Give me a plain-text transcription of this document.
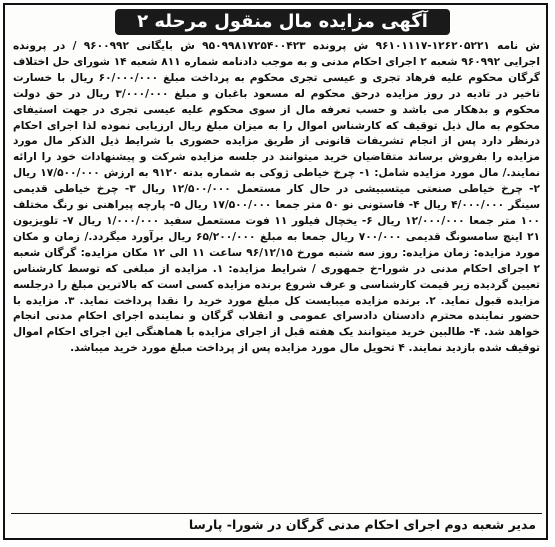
آگهی مزایده مال منقول مرحله ۲
ش نامه ۱۲۶۲۰۵۲۲۱-۹۶۱۰۱۱۱۷ ش پرونده ۹۵۰۹۹۸۱۷۲۵۴۰۰۴۲۳ ش بایگانی ۹۶۰۰۹۹۲ / در پرونده اجرایی ۹۶۰۹۹۲ شعبه ۲ اجرای احکام مدنی و به موجب دادنامه شماره ۸۱۱ شعبه ۱۴ شورای حل اختلاف گرگان محکوم علیه فرهاد تجری و عیسی تجری محکوم به پرداخت مبلغ ۶۰/۰۰۰/۰۰۰ ریال با خسارت تاخیر در تادیه در روز مزایده درحق محکوم له مسعود باغبان و مبلغ ۳/۰۰۰/۰۰۰ ریال در حق دولت محکوم و بدهکار می باشد و حسب تعرفه مال از سوی محکوم علیه عیسی تجری در جهت استیفای محکوم به مال ذیل توقیف که کارشناس اموال را به میزان مبلغ ریال ارزیابی نموده لذا اجرای احکام درنظر دارد پس از انجام تشریفات قانونی از طریق مزایده حضوری با شرایط ذیل الذکر مال مورد مزایده را بفروش برساند متقاضیان خرید میتوانند در جلسه مزایده شرکت و پیشنهادات خود را ارائه نمایند./ مال مورد مزایده شامل: ۱- چرخ خیاطی ژوکی به شماره بدنه ۹۱۲۰ به ارزش ۱۷/۵۰۰/۰۰۰ ریال ۲- چرخ خیاطی صنعتی میتسبیشی در حال کار مستعمل ۱۲/۵۰۰/۰۰۰ ریال ۳- چرخ خیاطی قدیمی سینگر ۴/۰۰۰/۰۰۰ ریال ۴- فاستونی نو ۵۰ متر جمعا ۱۷/۵۰۰/۰۰۰ ریال ۵- پارچه پیراهنی نو رنگ مختلف ۱۰۰ متر جمعا ۱۲/۰۰۰/۰۰۰ ریال ۶- یخچال فیلور ۱۱ فوت مستعمل سفید ۱/۰۰۰/۰۰۰ ریال ۷- تلویزیون ۲۱ اینچ سامسونگ قدیمی ۷۰۰/۰۰۰ ریال جمعا به مبلغ ۶۵/۲۰۰/۰۰۰ ریال برآورد میگردد./ زمان و مکان مورد مزایده: زمان مزایده: روز سه شنبه مورخ ۹۶/۱۲/۱۵ ساعت ۱۱ الی ۱۲ مکان مزایده: گرگان شعبه ۲ اجرای احکام مدنی در شورا-خ جمهوری / شرایط مزایده: ۱. مزایده از مبلغی که توسط کارشناس تعیین گردیده زیر قیمت کارشناسی و عرف شروع برنده مزایده کسی است که بالاترین مبلغ را درجلسه مزایده قبول نماید. ۲. برنده مزایده میبایست کل مبلغ مورد خرید را نقدا پرداخت نماید. ۳. مزایده با حضور نماینده محترم دادستان دادسرای عمومی و انقلاب گرگان و نماینده اجرای احکام مدنی انجام خواهد شد. ۴- طالبین خرید میتوانند یک هفته قبل از اجرای مزایده با هماهنگی این اجرای احکام اموال توقیف شده بازدید نمایند. ۴ تحویل مال مورد مزایده پس از پرداخت مبلغ مورد خرید میباشد.
مدیر شعبه دوم اجرای احکام مدنی گرگان در شورا- پارسا
